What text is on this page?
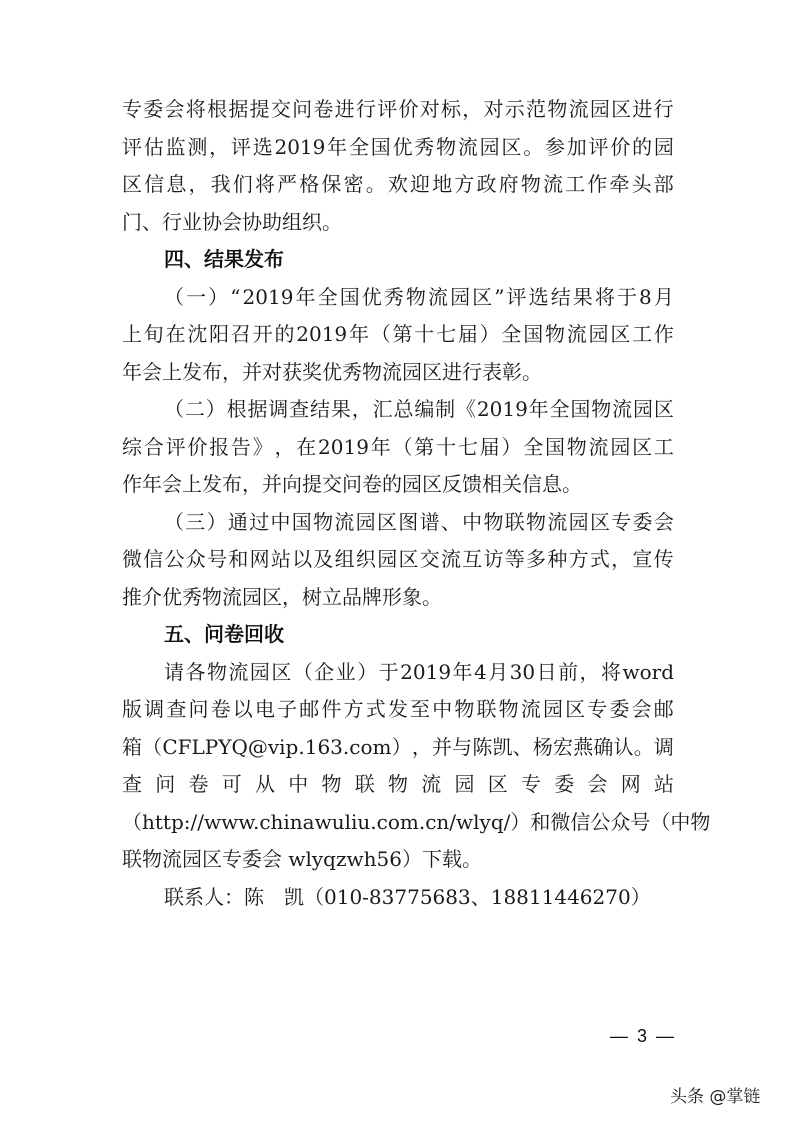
专 委 会 将 根 据 提 交 问 卷 进 行 评 价 对 标 ， 对 示 范 物 流 园 区 进 行
评 估 监 测 ， 评 选 2019 年 全 国 优 秀 物 流 园 区 。 参 加 评 价 的 园
区 信 息 ， 我 们 将 严 格 保 密 。 欢 迎 地 方 政 府 物 流 工 作 牵 头 部
门、行业协会协助组织。
四、结果发布
（ 一 ） “ 2019 年 全 国 优 秀 物 流 园 区 ” 评 选 结 果 将 于 8 月
上 旬 在 沈 阳 召 开 的 2019 年 （ 第 十 七 届 ） 全 国 物 流 园 区 工 作
年会上发布，并对获奖优秀物流园区进行表彰。
（ 二 ） 根 据 调 查 结 果 ， 汇 总 编 制 《 2019 年 全 国 物 流 园 区
综 合 评 价 报 告 》 ， 在 2019 年 （ 第 十 七 届 ） 全 国 物 流 园 区 工
作年会上发布，并向提交问卷的园区反馈相关信息。
（ 三 ） 通 过 中 国 物 流 园 区 图 谱 、 中 物 联 物 流 园 区 专 委 会
微 信 公 众 号 和 网 站 以 及 组 织 园 区 交 流 互 访 等 多 种 方 式 ， 宣 传
推介优秀物流园区，树立品牌形象。
五、问卷回收
请 各 物 流 园 区 （ 企 业 ） 于 2019 年 4 月 30 日 前 ， 将 word
版 调 查 问 卷 以 电 子 邮 件 方 式 发 至 中 物 联 物 流 园 区 专 委 会 邮
箱 （ CFLPYQ@vip.163.com ） ， 并 与 陈 凯 、 杨 宏 燕 确 认 。 调
查 问 卷 可 从 中 物 联 物 流 园 区 专 委 会 网 站
（ http://www.chinawuliu.com.cn/wlyq/ ） 和 微 信 公 众 号 （ 中 物
联物流园区专委会 wlyqzwh56）下载。
联系人：陈　凯（010-83775683、18811446270）
— 3 —
头条 @掌链
